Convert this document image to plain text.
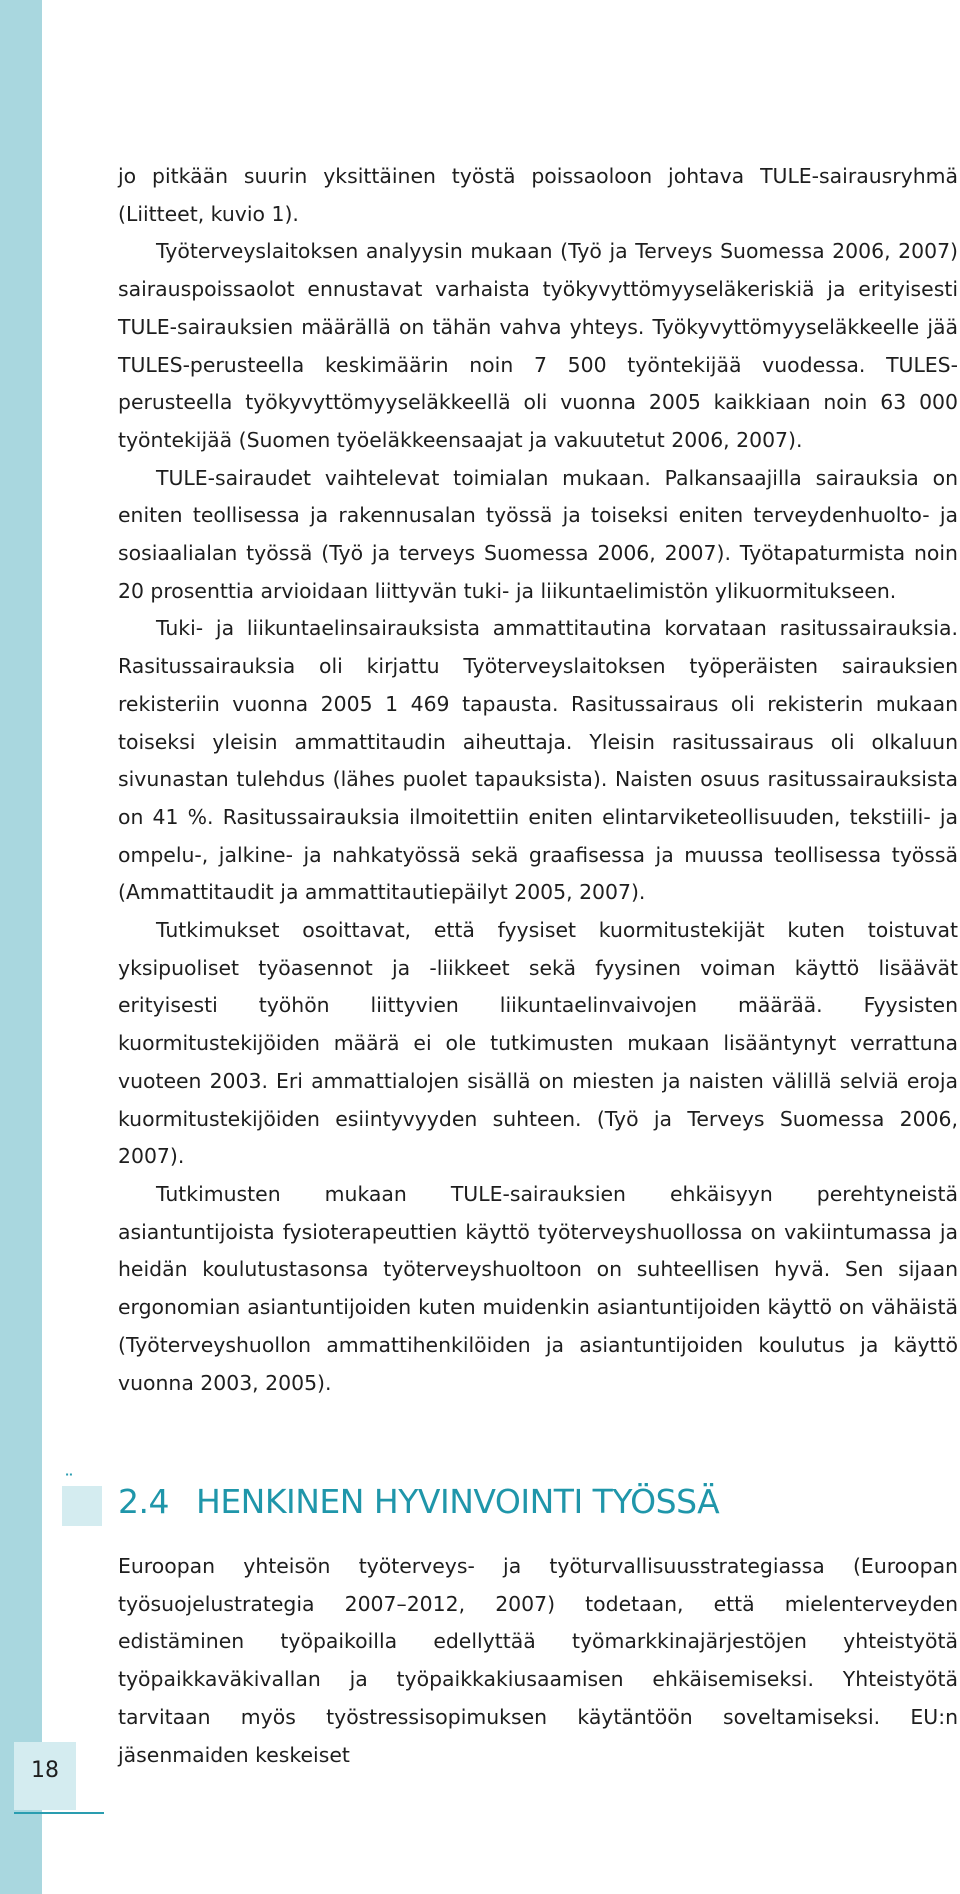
jo pitkään suurin yksittäinen työstä poissaoloon johtava TULE-sairausryhmä (Liitteet, kuvio 1).

Työterveyslaitoksen analyysin mukaan (Työ ja Terveys Suomessa 2006, 2007) sairauspoissaolot ennustavat varhaista työkyvyttömyyseläkeriskiä ja erityisesti TULE-sairauksien määrällä on tähän vahva yhteys. Työkyvyttömyyseläkkeelle jää TULES-perusteella keskimäärin noin 7 500 työntekijää vuodessa. TULES-perusteella työkyvyttömyyseläkkeellä oli vuonna 2005 kaikkiaan noin 63 000 työntekijää (Suomen työeläkkeensaajat ja vakuutetut 2006, 2007).

TULE-sairaudet vaihtelevat toimialan mukaan. Palkansaajilla sairauksia on eniten teollisessa ja rakennusalan työssä ja toiseksi eniten terveydenhuolto- ja sosiaalialan työssä (Työ ja terveys Suomessa 2006, 2007). Työtapaturmista noin 20 prosenttia arvioidaan liittyvän tuki- ja liikuntaelimistön ylikuormitukseen.

Tuki- ja liikuntaelinsairauksista ammattitautina korvataan rasitussairauksia. Rasitussairauksia oli kirjattu Työterveyslaitoksen työperäisten sairauksien rekisteriin vuonna 2005 1 469 tapausta. Rasitussairaus oli rekisterin mukaan toiseksi yleisin ammattitaudin aiheuttaja. Yleisin rasitussairaus oli olkaluun sivunastan tulehdus (lähes puolet tapauksista). Naisten osuus rasitussairauksista on 41 %. Rasitussairauksia ilmoitettiin eniten elintarviketeollisuuden, tekstiili- ja ompelu-, jalkine- ja nahkatyössä sekä graafisessa ja muussa teollisessa työssä (Ammattitaudit ja ammattitautiepäilyt 2005, 2007).

Tutkimukset osoittavat, että fyysiset kuormitustekijät kuten toistuvat yksipuoliset työasennot ja -liikkeet sekä fyysinen voiman käyttö lisäävät erityisesti työhön liittyvien liikuntaelinvaivojen määrää. Fyysisten kuormitustekijöiden määrä ei ole tutkimusten mukaan lisääntynyt verrattuna vuoteen 2003. Eri ammattialojen sisällä on miesten ja naisten välillä selviä eroja kuormitustekijöiden esiintyvyyden suhteen. (Työ ja Terveys Suomessa 2006, 2007).

Tutkimusten mukaan TULE-sairauksien ehkäisyyn perehtyneistä asiantuntijoista fysioterapeuttien käyttö työterveyshuollossa on vakiintumassa ja heidän koulutustasonsa työterveyshuoltoon on suhteellisen hyvä. Sen sijaan ergonomian asiantuntijoiden kuten muidenkin asiantuntijoiden käyttö on vähäistä (Työterveyshuollon ammattihenkilöiden ja asiantuntijoiden koulutus ja käyttö vuonna 2003, 2005).

¨ 2.4 HENKINEN HYVINVOINTI TYÖSSÄ

Euroopan yhteisön työterveys- ja työturvallisuusstrategiassa (Euroopan työsuojelustrategia 2007–2012, 2007) todetaan, että mielenterveyden edistäminen työpaikoilla edellyttää työmarkkinajärjestöjen yhteistyötä työpaikkaväkivallan ja työpaikkakiusaamisen ehkäisemiseksi. Yhteistyötä tarvitaan myös työstressisopimuksen käytäntöön soveltamiseksi. EU:n jäsenmaiden keskeiset

18
